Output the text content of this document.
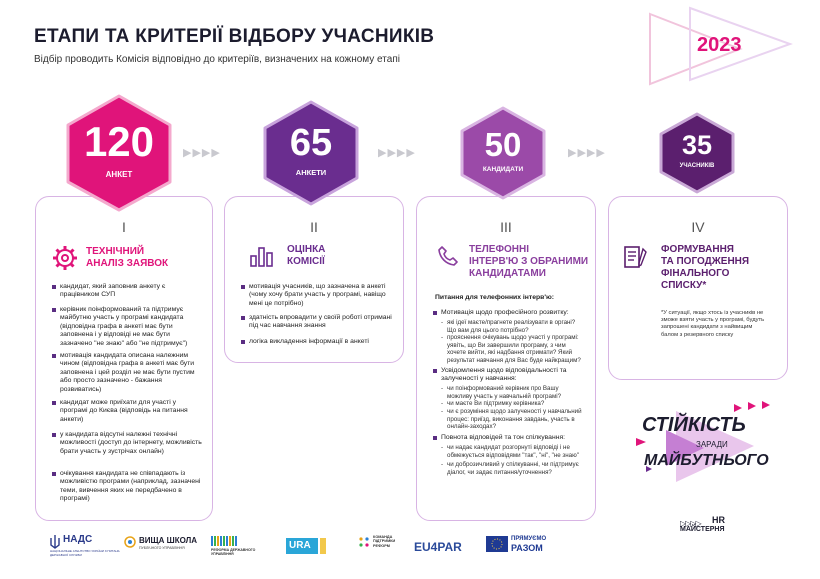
ЕТАПИ ТА КРИТЕРІЇ ВІДБОРУ УЧАСНИКІВ
Відбір проводить Комісія відповідно до критеріїв, визначених на кожному етапі
2023
I
ТЕХНІЧНИЙ
АНАЛІЗ ЗАЯВОК
кандидат, який заповнив анкету є працівником СУП
керівник поінформований та підтримує майбутню участь у програмі кандидата (відповідна графа в анкеті має бути заповнена і у відповіді не має бути зазначено "не знаю" або "не підтримує")
мотивація кандидата описана належним чином (відповідна графа в анкеті має бути заповнена і цей розділ не має бути пустим або просто зазначено - бажання розвиватись)
кандидат може приїхати для участі у програмі до Києва (відповідь на питання анкети)
у кандидата відсутні належні технічні можливості (доступ до інтернету, можливість брати участь у зустрічах онлайн)
очікування кандидата не співпадають із можливістю програми (наприклад, зазначені теми, вивчення яких не передбачено в програмі)
II
ОЦІНКА
КОМІСІЇ
мотивація учасників, що зазначена в анкеті (чому хочу брати участь у програмі, навіщо мені це потрібно)
здатність впровадити у своїй роботі отримані під час навчання знання
логіка викладення інформації в анкеті
III
ТЕЛЕФОННІ
ІНТЕРВ'Ю З ОБРАНИМИ
КАНДИДАТАМИ
Питання для телефонних інтерв'ю:
Мотивація щодо професійного розвитку:
- які ідеї маєте/прагнете реалізувати в органі? Що вам для цього потрібно?
- прояснення очікувань щодо участі у програмі: уявіть, що Ви завершили програму, з чим хочете вийти, які надбання отримати? Який результат навчання для Вас буде найкращим?
Усвідомлення щодо відповідальності та залученості у навчання:
- чи поінформований керівник про Вашу можливу участь у навчальній програмі?
- чи маєте Ви підтримку керівника?
- чи є розуміння щодо залученості у навчальний процес: приїзд, виконання завдань, участь в онлайн-заходах?
Повнота відповідей та тон спілкування:
- чи надає кандидат розгорнуті відповіді і не обмежується відповідями "так", "ні", "не знаю"
- чи доброзичливий у спілкуванні, чи підтримує діалог, чи задає питання/уточнення?
IV
ФОРМУВАННЯ
ТА ПОГОДЖЕННЯ
ФІНАЛЬНОГО
СПИСКУ*
*У ситуації, якщо хтось із учасників не зможе взяти участь у програмі, будуть запрошені кандидати з найвищим балом з резервного списку
120
АНКЕТ
▶▶▶▶	65
АНКЕТИ
▶▶▶▶	50
КАНДИДАТИ
▶▶▶▶	35
УЧАСНИКІВ
СТІЙКІСТЬ
ЗАРАДИ
МАЙБУТНЬОГО
▷▷▷▷ HR
МАЙСТЕРНЯ
НАДС
НАЦІОНАЛЬНЕ АГЕНТСТВО УКРАЇНИ З ПИТАНЬ ДЕРЖАВНОЇ СЛУЖБИ
ВИЩА ШКОЛА
ПУБЛІЧНОГО УПРАВЛІННЯ	РЕФОРМА ДЕРЖАВНОГО УПРАВЛІННЯ
URA
КОМАНДА ПІДТРИМКИ РЕФОРМ	EU4PAR
ПРЯМУЄМО
РАЗОМ
